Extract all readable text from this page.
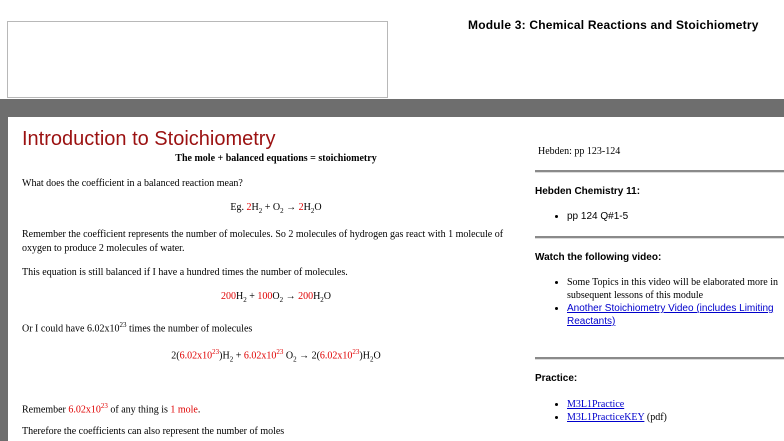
Module 3: Chemical Reactions and Stoichiometry
Introduction to Stoichiometry
The mole + balanced equations = stoichiometry
What does the coefficient in a balanced reaction mean?
Eg. $2H_2 + O_2 \to 2H_2O$
Remember the coefficient represents the number of molecules. So 2 molecules of hydrogen gas react with 1 molecule of oxygen to produce 2 molecules of water.
This equation is still balanced if I have a hundred times the number of molecules.
$200H_2 + 100O_2 \to 200H_2O$
Or I could have $6.02x10^{23}$ times the number of molecules
$2(6.02x10^{23})H_2 + 6.02x10^{23}$ $O_2 \to 2(6.02x10^{23})H_2O$
Remember $6.02x10^{23}$ of any thing is 1 mole.
Therefore the coefficients can also represent the number of moles
Hebden: pp 123-124
Hebden Chemistry 11:
• pp 124 Q#1-5
Watch the following video:
• Some Topics in this video will be elaborated more in subsequent lessons of this module
• Another Stoichiometry Video (includes Limiting Reactants)
Practice:
• M3L1Practice
• M3L1PracticeKEY (pdf)
